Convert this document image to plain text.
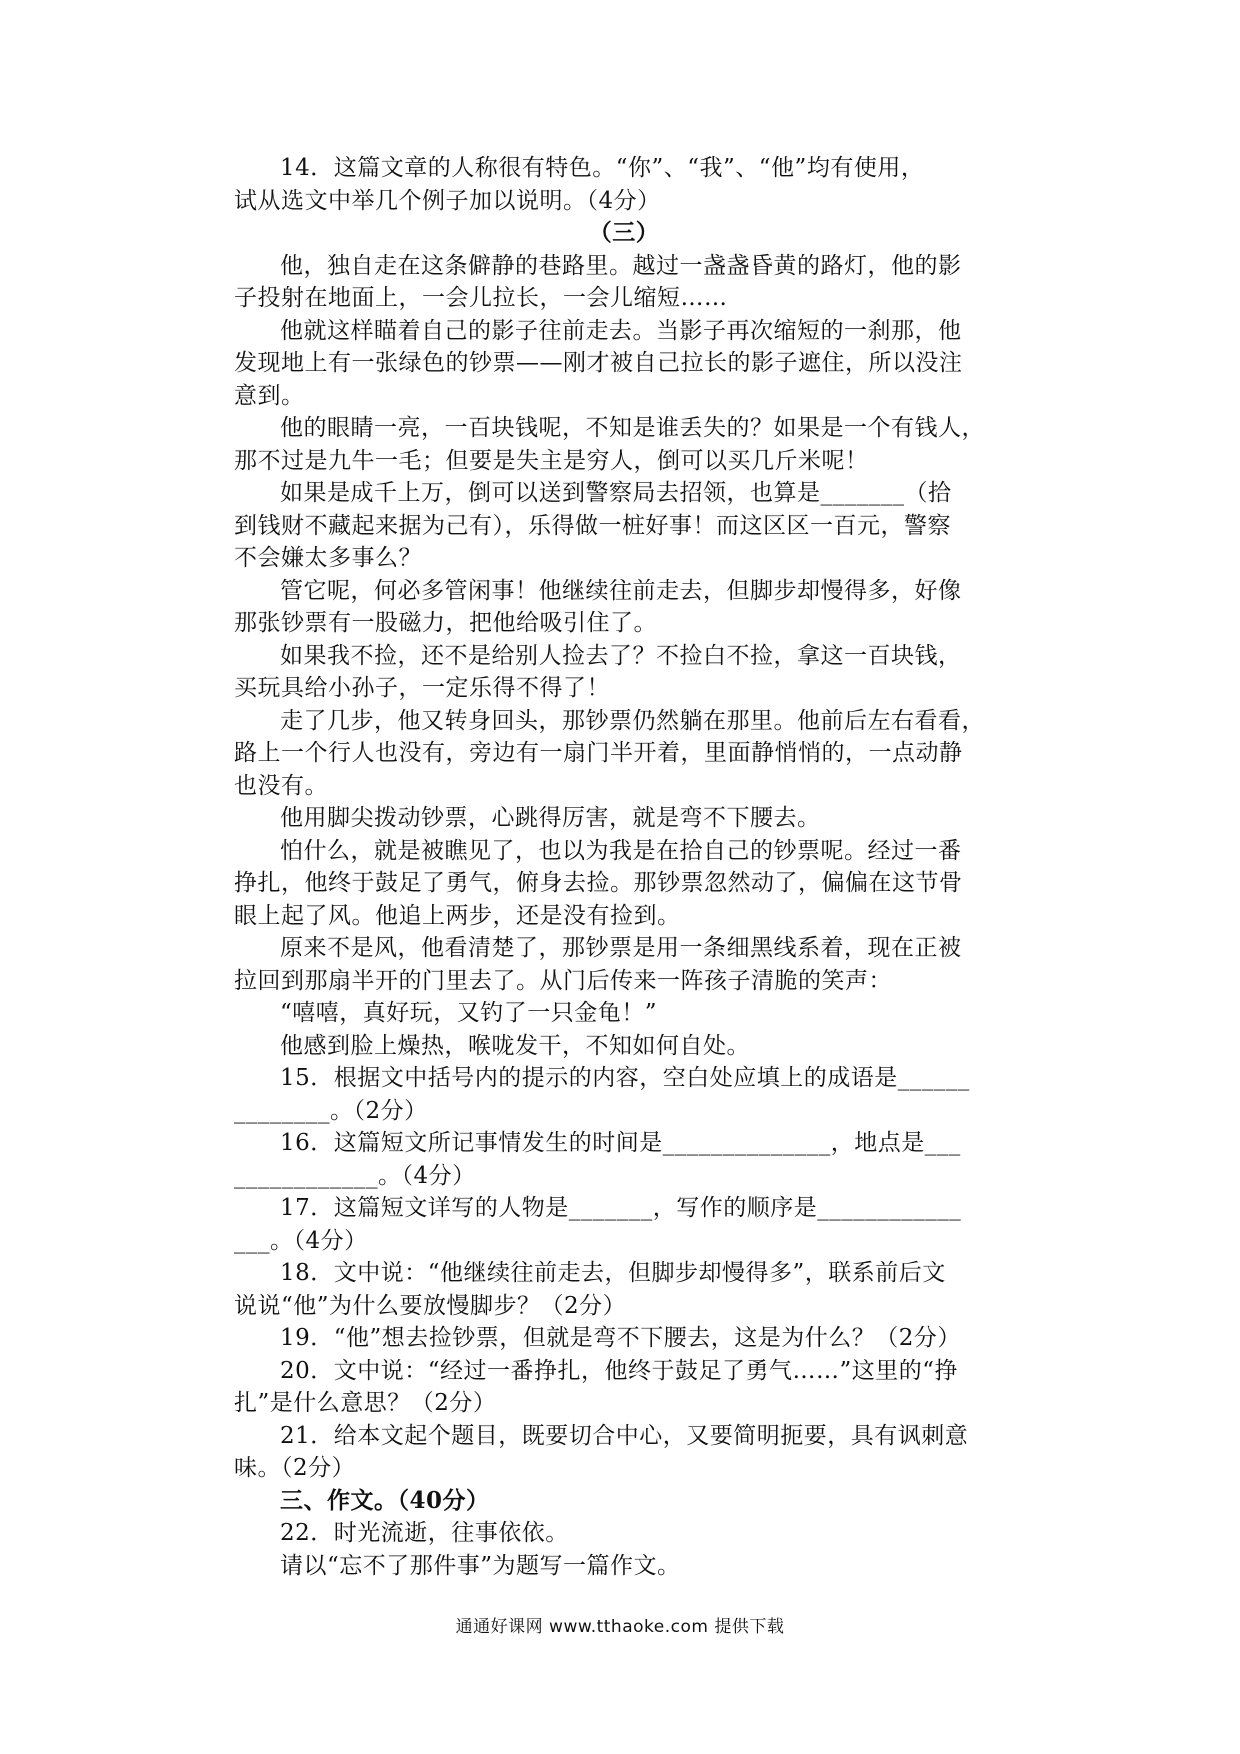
14．这篇文章的人称很有特色。“你”、“我”、“他”均有使用，

试从选文中举几个例子加以说明。（4分）

（三）

他，独自走在这条僻静的巷路里。越过一盏盏昏黄的路灯，他的影

子投射在地面上，一会儿拉长，一会儿缩短……

他就这样瞄着自己的影子往前走去。当影子再次缩短的一刹那，他

发现地上有一张绿色的钞票——刚才被自己拉长的影子遮住，所以没注

意到。

他的眼睛一亮，一百块钱呢，不知是谁丢失的？如果是一个有钱人，

那不过是九牛一毛；但要是失主是穷人，倒可以买几斤米呢！

如果是成千上万，倒可以送到警察局去招领，也算是_______（拾

到钱财不藏起来据为己有），乐得做一桩好事！而这区区一百元，警察

不会嫌太多事么？

管它呢，何必多管闲事！他继续往前走去，但脚步却慢得多，好像

那张钞票有一股磁力，把他给吸引住了。

如果我不捡，还不是给别人捡去了？不捡白不捡，拿这一百块钱，

买玩具给小孙子，一定乐得不得了！

走了几步，他又转身回头，那钞票仍然躺在那里。他前后左右看看，

路上一个行人也没有，旁边有一扇门半开着，里面静悄悄的，一点动静

也没有。

他用脚尖拨动钞票，心跳得厉害，就是弯不下腰去。

怕什么，就是被瞧见了，也以为我是在拾自己的钞票呢。经过一番

挣扎，他终于鼓足了勇气，俯身去捡。那钞票忽然动了，偏偏在这节骨

眼上起了风。他追上两步，还是没有捡到。

原来不是风，他看清楚了，那钞票是用一条细黑线系着，现在正被

拉回到那扇半开的门里去了。从门后传来一阵孩子清脆的笑声：

“嘻嘻，真好玩，又钓了一只金龟！”

他感到脸上燥热，喉咙发干，不知如何自处。

15．根据文中括号内的提示的内容，空白处应填上的成语是______

________。（2分）

16．这篇短文所记事情发生的时间是______________，地点是___

____________。（4分）

17．这篇短文详写的人物是_______，写作的顺序是____________

___。（4分）

18．文中说：“他继续往前走去，但脚步却慢得多”，联系前后文

说说“他”为什么要放慢脚步？（2分）

19．“他”想去捡钞票，但就是弯不下腰去，这是为什么？（2分）

20．文中说：“经过一番挣扎，他终于鼓足了勇气……”这里的“挣

扎”是什么意思？（2分）

21．给本文起个题目，既要切合中心，又要简明扼要，具有讽刺意

味。（2分）

三、作文。（40分）

22．时光流逝，往事依依。

请以“忘不了那件事”为题写一篇作文。

通通好课网 www.tthaoke.com 提供下载
